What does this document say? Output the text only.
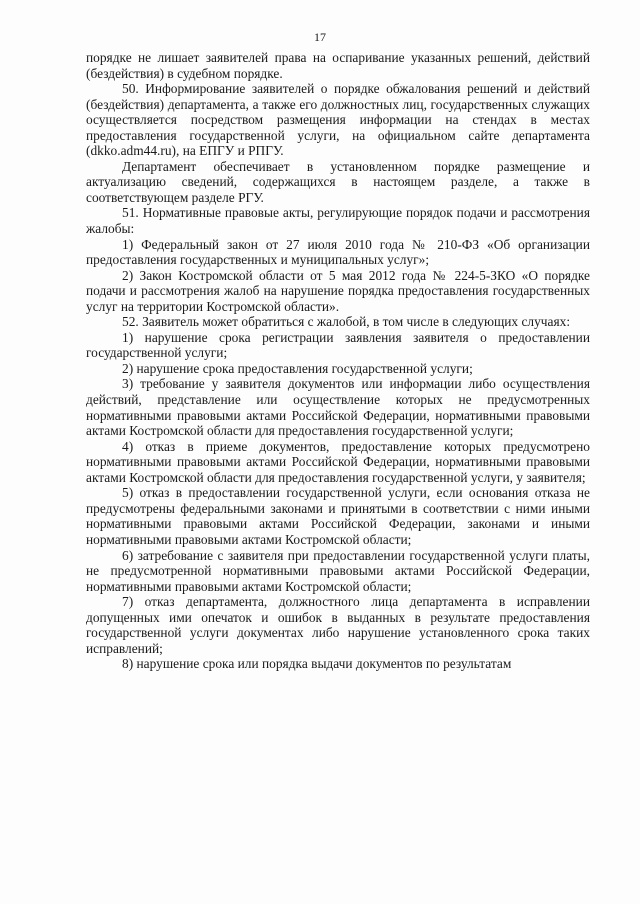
17

порядке не лишает заявителей права на оспаривание указанных решений, действий (бездействия) в судебном порядке.

50. Информирование заявителей о порядке обжалования решений и действий (бездействия) департамента, а также его должностных лиц, государственных служащих осуществляется посредством размещения информации на стендах в местах предоставления государственной услуги, на официальном сайте департамента (dkko.adm44.ru), на ЕПГУ и РПГУ.

Департамент обеспечивает в установленном порядке размещение и актуализацию сведений, содержащихся в настоящем разделе, а также в соответствующем разделе РГУ.

51. Нормативные правовые акты, регулирующие порядок подачи и рассмотрения жалобы:

1) Федеральный закон от 27 июля 2010 года № 210-ФЗ «Об организации предоставления государственных и муниципальных услуг»;

2) Закон Костромской области от 5 мая 2012 года № 224-5-ЗКО «О порядке подачи и рассмотрения жалоб на нарушение порядка предоставления государственных услуг на территории Костромской области».

52. Заявитель может обратиться с жалобой, в том числе в следующих случаях:

1) нарушение срока регистрации заявления заявителя о предоставлении государственной услуги;

2) нарушение срока предоставления государственной услуги;

3) требование у заявителя документов или информации либо осуществления действий, представление или осуществление которых не предусмотренных нормативными правовыми актами Российской Федерации, нормативными правовыми актами Костромской области для предоставления государственной услуги;

4) отказ в приеме документов, предоставление которых предусмотрено нормативными правовыми актами Российской Федерации, нормативными правовыми актами Костромской области для предоставления государственной услуги, у заявителя;

5) отказ в предоставлении государственной услуги, если основания отказа не предусмотрены федеральными законами и принятыми в соответствии с ними иными нормативными правовыми актами Российской Федерации, законами и иными нормативными правовыми актами Костромской области;

6) затребование с заявителя при предоставлении государственной услуги платы, не предусмотренной нормативными правовыми актами Российской Федерации, нормативными правовыми актами Костромской области;

7) отказ департамента, должностного лица департамента в исправлении допущенных ими опечаток и ошибок в выданных в результате предоставления государственной услуги документах либо нарушение установленного срока таких исправлений;

8) нарушение срока или порядка выдачи документов по результатам
